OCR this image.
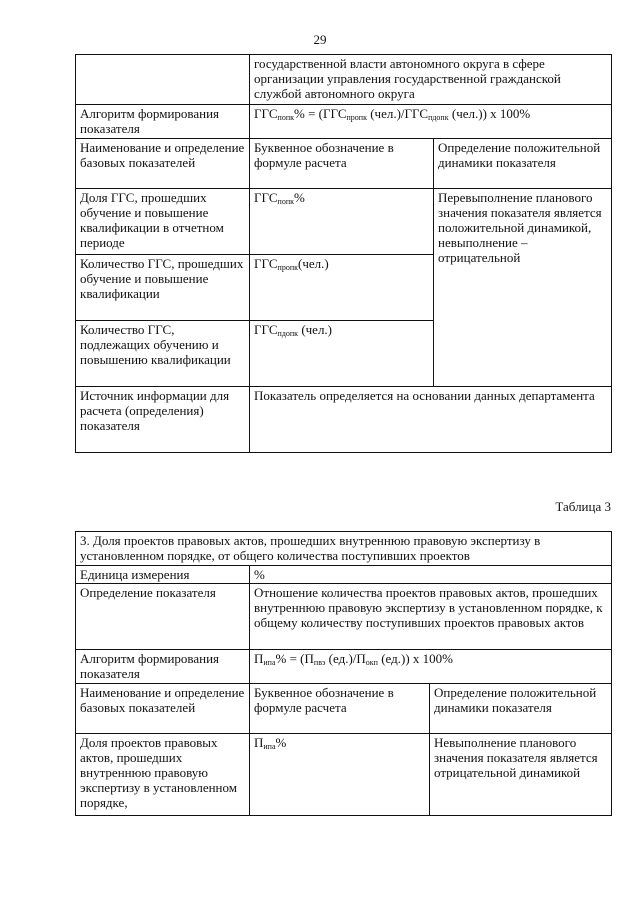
29
	государственной власти автономного округа в сфере организации управления государственной гражданской службой автономного округа	
Алгоритм формирования показателя	$ГГС_{попк}\% = (ГГС_{пропк}$ $(чел.)/ГГС_{пдопк}$ (чел.)) х 100%	
Наименование и определение базовых показателей	Буквенное обозначение в формуле расчета	Определение положительной динамики показателя
Доля ГГС, прошедших обучение и повышение квалификации в отчетном периоде	$ГГС_{попк}\%$	Перевыполнение планового значения показателя является положительной динамикой, невыполнение – отрицательной
Количество ГГС, прошедших обучение и повышение квалификации	$ГГС_{пропк}(чел.)$	
Количество ГГС, подлежащих обучению и повышению квалификации	$ГГС_{пдопк}$ (чел.)	
Источник информации для расчета (определения) показателя	Показатель определяется на основании данных департамента	
Таблица 3
3. Доля проектов правовых актов, прошедших внутреннюю правовую экспертизу в установленном порядке, от общего количества поступивших проектов		
Единица измерения	%	
Определение показателя	Отношение количества проектов правовых актов, прошедших внутреннюю правовую экспертизу в установленном порядке, к общему количеству поступивших проектов правовых актов	
Алгоритм формирования показателя	$П_{ипа}\% = (П_{пвэ}$ $(ед.)/П_{окп}$ (ед.)) х 100%	
Наименование и определение базовых показателей	Буквенное обозначение в формуле расчета	Определение положительной динамики показателя
Доля проектов правовых актов, прошедших внутреннюю правовую экспертизу в установленном порядке,	$П_{ипа}\%$	Невыполнение планового значения показателя является отрицательной динамикой
